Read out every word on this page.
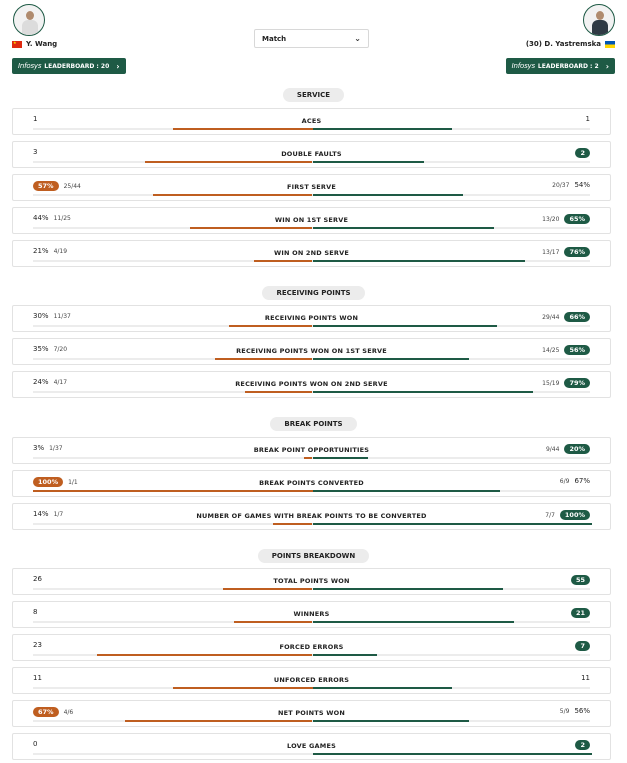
★
Y. Wang
Match	⌄
(30) D. Yastremska
Infosys LEADERBOARD : 20 ›	Infosys LEADERBOARD : 2 ›
SERVICE
1	ACES	1
3	DOUBLE FAULTS	2
57%	25/44	FIRST SERVE	20/37 54%
44% 11/25	WIN ON 1ST SERVE	13/20	65%
21% 4/19	WIN ON 2ND SERVE	13/17	76%
RECEIVING POINTS
30% 11/37	RECEIVING POINTS WON	29/44	66%
35% 7/20	RECEIVING POINTS WON ON 1ST SERVE	14/25	56%
24% 4/17	RECEIVING POINTS WON ON 2ND SERVE	15/19	79%
BREAK POINTS
3% 1/37	BREAK POINT OPPORTUNITIES	9/44	20%
100%	1/1	BREAK POINTS CONVERTED	6/9 67%
14% 1/7	NUMBER OF GAMES WITH BREAK POINTS TO BE CONVERTED	7/7	100%
POINTS BREAKDOWN
26	TOTAL POINTS WON	55
8	WINNERS	21
23	FORCED ERRORS	7
11	UNFORCED ERRORS	11
67%	4/6	NET POINTS WON	5/9 56%
0	LOVE GAMES	2
